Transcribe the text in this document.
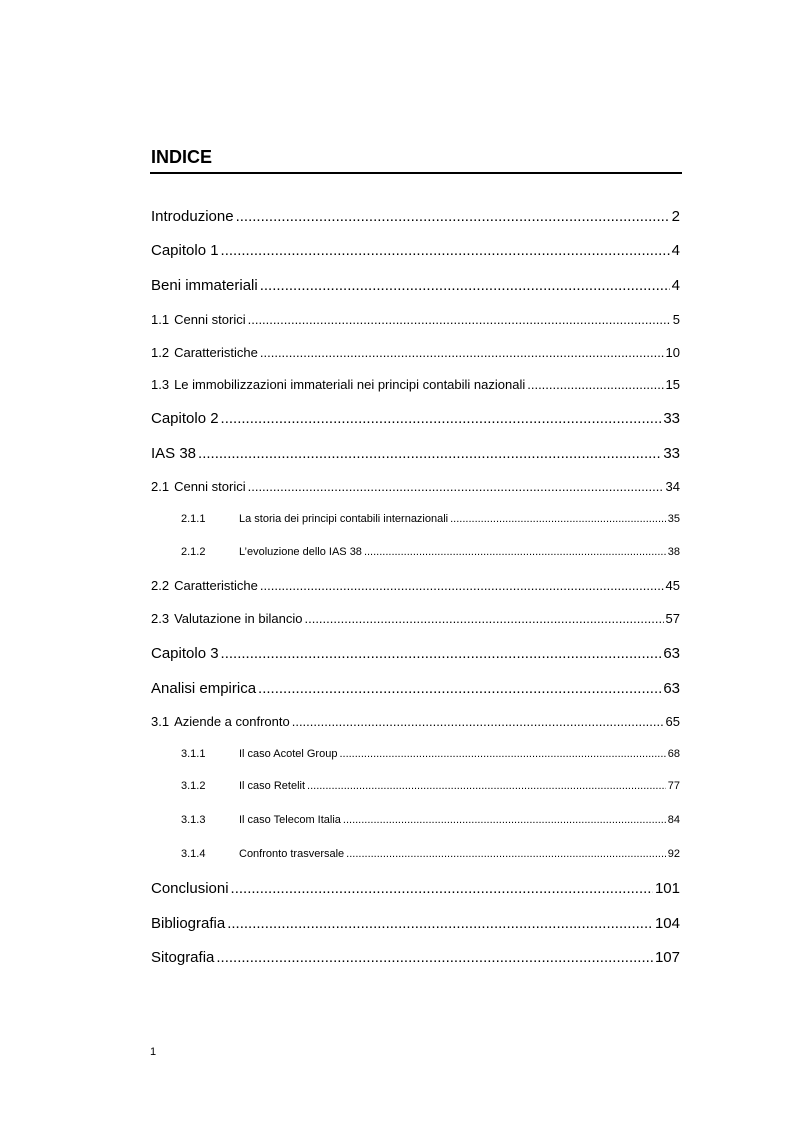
INDICE
Introduzione .....	2
Capitolo 1 .....	4
Beni immateriali .....	4
1.1 Cenni storici .....	5
1.2 Caratteristiche .....	10
1.3 Le immobilizzazioni immateriali nei principi contabili nazionali .....	15
Capitolo 2 .....	33
IAS 38 .....	33
2.1 Cenni storici .....	34
2.1.1	La storia dei principi contabili internazionali .....	35
2.1.2	L’evoluzione dello IAS 38 .....	38
2.2 Caratteristiche .....	45
2.3 Valutazione in bilancio .....	57
Capitolo 3 .....	63
Analisi empirica .....	63
3.1 Aziende a confronto .....	65
3.1.1	Il caso Acotel Group .....	68
3.1.2	Il caso Retelit .....	77
3.1.3	Il caso Telecom Italia .....	84
3.1.4	Confronto trasversale .....	92
Conclusioni .....	101
Bibliografia .....	104
Sitografia .....	107
1
